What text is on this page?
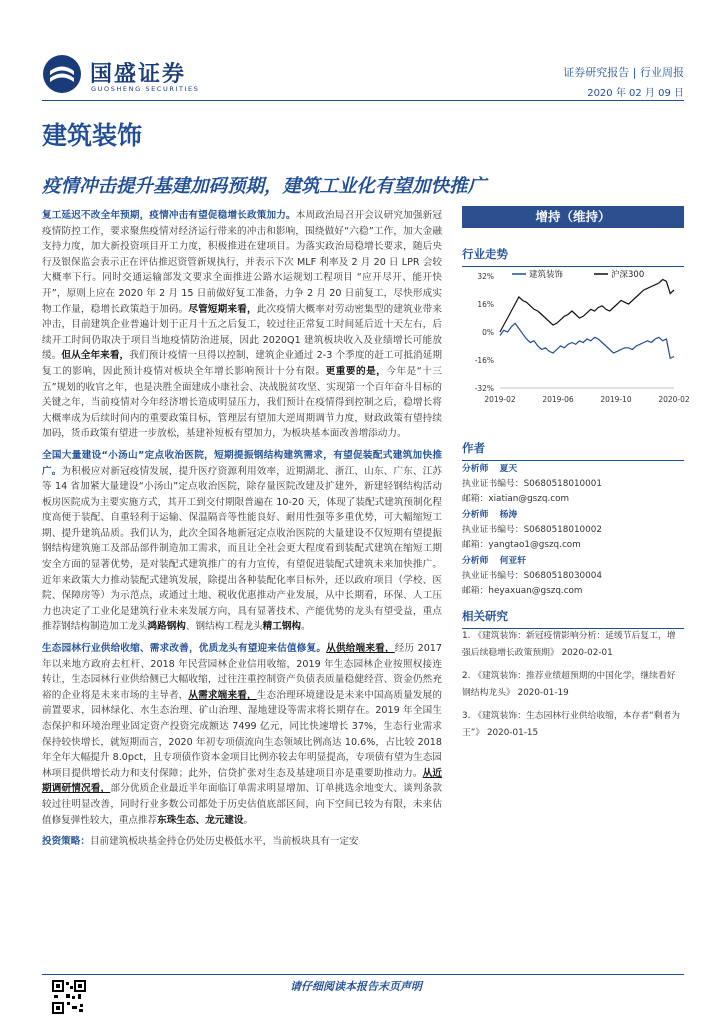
国盛证券
GUOSHENG SECURITIES
证券研究报告 | 行业周报
2020 年 02 月 09 日
建筑装饰
疫情冲击提升基建加码预期，建筑工业化有望加快推广

复工延迟不改全年预期，疫情冲击有望促稳增长政策加力。本周政治局召开会议研究加强新冠疫情防控工作，要求聚焦疫情对经济运行带来的冲击和影响，围绕做好“六稳”工作，加大金融支持力度，加大新投资项目开工力度，积极推进在建项目。为落实政治局稳增长要求，随后央行及银保监会表示正在评估推迟资管新规执行，并表示下次 MLF 利率及 2 月 20 日 LPR 会较大概率下行。同时交通运输部发文要求全面推进公路水运规划工程项目 “应开尽开、能开快开”，原则上应在 2020 年 2 月 15 日前做好复工准备，力争 2 月 20 日前复工，尽快形成实物工作量，稳增长政策趋于加码。尽管短期来看，此次疫情大概率对劳动密集型的建筑业带来冲击，目前建筑企业普遍计划于正月十五之后复工，较过往正常复工时间延后近十天左右，后续开工时间仍取决于项目当地疫情防治进展，因此 2020Q1 建筑板块收入及业绩增长可能放缓。但从全年来看，我们预计疫情一旦得以控制，建筑企业通过 2-3 个季度的赶工可抵消延期复工的影响，因此预计疫情对板块全年增长影响预计十分有限。更重要的是，今年是“十三五”规划的收官之年，也是决胜全面建成小康社会、决战脱贫攻坚、实现第一个百年奋斗目标的关键之年，当前疫情对今年经济增长造成明显压力，我们预计在疫情得到控制之后，稳增长将大概率成为后续时间内的重要政策目标，管理层有望加大逆周期调节力度，财政政策有望持续加码，货币政策有望进一步放松，基建补短板有望加力，为板块基本面改善增添动力。

全国大量建设“小汤山”定点收治医院，短期提振钢结构建筑需求，有望促装配式建筑加快推广。为积极应对新冠疫情发展，提升医疗资源利用效率，近期湖北、浙江、山东、广东、江苏等 14 省加紧大量建设“小汤山”定点收治医院，除存量医院改建及扩建外，新建轻钢结构活动板房医院成为主要实施方式，其开工到交付期限普遍在 10-20 天，体现了装配式建筑预制化程度高便于装配、自重轻利于运输、保温隔音等性能良好、耐用性强等多重优势，可大幅缩短工期、提升建筑品质。我们认为，此次全国各地新冠定点收治医院的大量建设不仅短期有望提振钢结构建筑施工及部品部件制造加工需求，而且让全社会更大程度看到装配式建筑在缩短工期安全方面的显著优势，是对装配式建筑推广的有力宣传，有望促进装配式建筑未来加快推广。近年来政策大力推动装配式建筑发展，除提出各种装配化率目标外，还以政府项目（学校、医院、保障房等）为示范点，或通过土地、税收优惠推动产业发展，从中长期看，环保、人工压力也决定了工业化是建筑行业未来发展方向，具有显著技术、产能优势的龙头有望受益，重点推荐钢结构制造加工龙头鸿路钢构、钢结构工程龙头精工钢构。

生态园林行业供给收缩、需求改善，优质龙头有望迎来估值修复。从供给端来看，经历 2017 年以来地方政府去杠杆、2018 年民营园林企业信用收缩，2019 年生态园林企业按照权接连转让，生态园林行业供给侧已大幅收缩，过往注重控制资产负债表质量稳健经营、资金仍然充裕的企业将是未来市场的主导者，从需求端来看，生态治理环境建设是未来中国高质量发展的前置要求，园林绿化、水生态治理、矿山治理、湿地建设等需求将长期存在。2019 年全国生态保护和环境治理业固定资产投资完成额达 7499 亿元，同比快速增长 37%，生态行业需求保持较快增长，就短期而言，2020 年初专项债流向生态领域比例高达 10.6%，占比较 2018 年全年大幅提升 8.0pct，且专项债作资本金项目比例亦较去年明显提高，专项债有望为生态园林项目提供增长动力和支付保障；此外，信贷扩张对生态及基建项目亦是重要助推动力。从近期调研情况看，部分优质企业最近半年面临订单需求明显增加、订单挑选余地变大、谈判条款较过往明显改善，同时行业多数公司都处于历史估值底部区间，向下空间已较为有限，未来估值修复弹性较大，重点推荐东珠生态、龙元建设。

投资策略：目前建筑板块基金持仓仍处历史极低水平，当前板块具有一定安

增持（维持）
行业走势
32%
16%
0%
-16%
-32%
2019-02	2019-06	2019-10	2020-02
建筑装饰	沪深300
作者
分析师 夏天
执业证书编号：S0680518010001
邮箱：xiatian@gszq.com
分析师 杨涛
执业证书编号：S0680518010002
邮箱：yangtao1@gszq.com
分析师 何亚轩
执业证书编号：S0680518030004
邮箱：heyaxuan@gszq.com
相关研究
1. 《建筑装饰：新冠疫情影响分析：延缓节后复工，增强后续稳增长政策预期》 2020-02-01
2. 《建筑装饰：推荐业绩超预期的中国化学，继续看好钢结构龙头》 2020-01-19
3. 《建筑装饰：生态园林行业供给收缩，本存者“剩者为王”》 2020-01-15
请仔细阅读本报告末页声明
